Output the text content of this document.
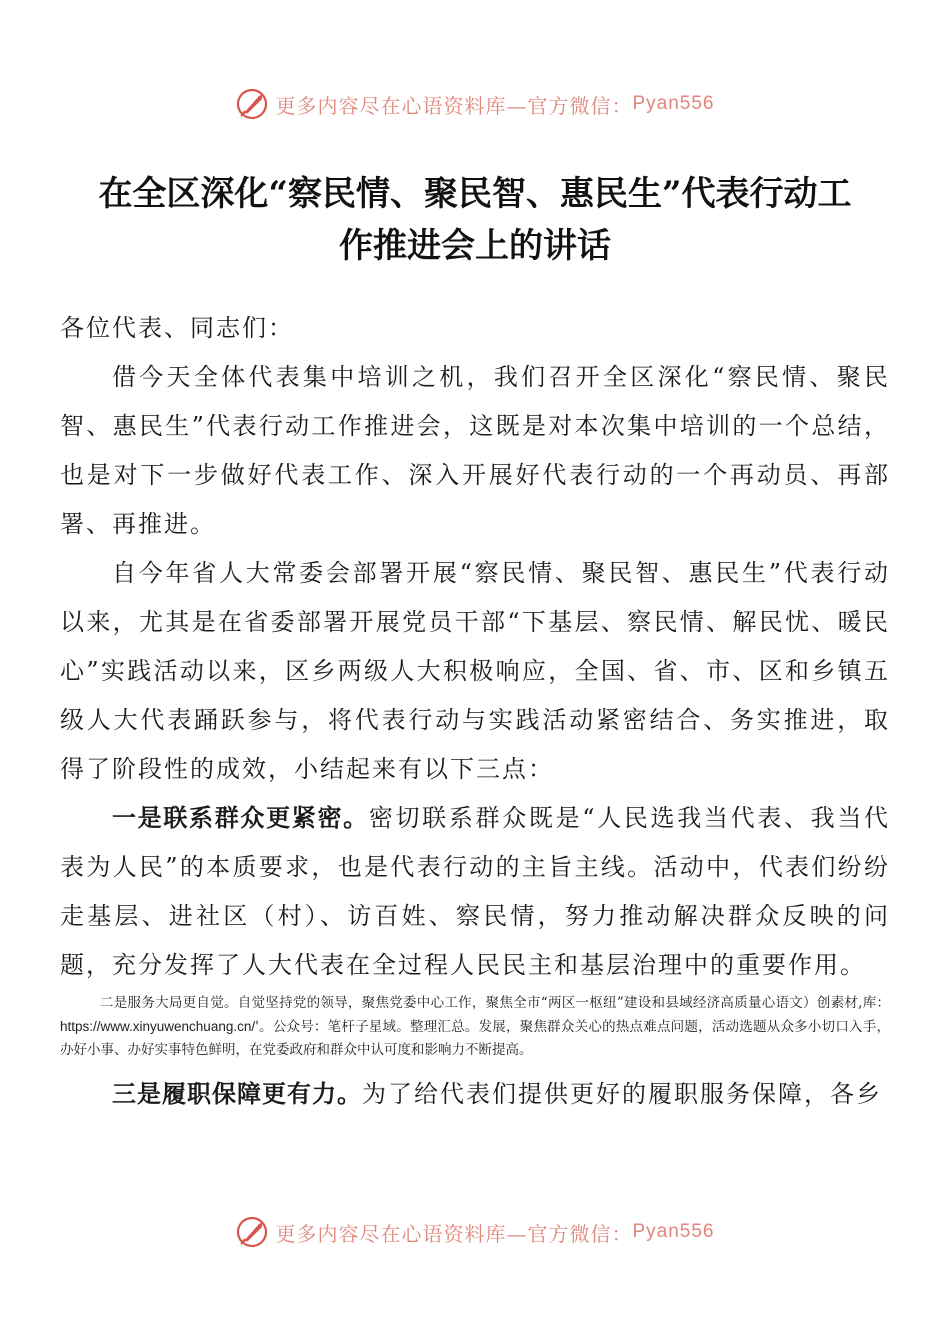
更多内容尽在心语资料库—官方微信： Pyan556
在全区深化“察民情、聚民智、惠民生”代表行动工
作推进会上的讲话

各位代表、同志们：

借今天全体代表集中培训之机，我们召开全区深化“察民情、聚民智、惠民生”代表行动工作推进会，这既是对本次集中培训的一个总结，也是对下一步做好代表工作、深入开展好代表行动的一个再动员、再部署、再推进。

自今年省人大常委会部署开展“察民情、聚民智、惠民生”代表行动以来，尤其是在省委部署开展党员干部“下基层、察民情、解民忧、暖民心”实践活动以来，区乡两级人大积极响应，全国、省、市、区和乡镇五级人大代表踊跃参与，将代表行动与实践活动紧密结合、务实推进，取得了阶段性的成效，小结起来有以下三点：

一是联系群众更紧密。密切联系群众既是“人民选我当代表、我当代表为人民”的本质要求，也是代表行动的主旨主线。活动中，代表们纷纷走基层、进社区（村）、访百姓、察民情，努力推动解决群众反映的问题，充分发挥了人大代表在全过程人民民主和基层治理中的重要作用。

二是服务大局更自觉。自觉坚持党的领导，聚焦党委中心工作，聚焦全市“两区一枢纽”建设和县域经济高质量心语文）创素材,库：https://www.xinyuwenchuang.cn/'。公众号：笔杆子星域。整理汇总。发展，聚焦群众关心的热点难点问题，活动选题从众多小切口入手，办好小事、办好实事特色鲜明，在党委政府和群众中认可度和影响力不断提高。

三是履职保障更有力。为了给代表们提供更好的履职服务保障，各乡

更多内容尽在心语资料库—官方微信： Pyan556
